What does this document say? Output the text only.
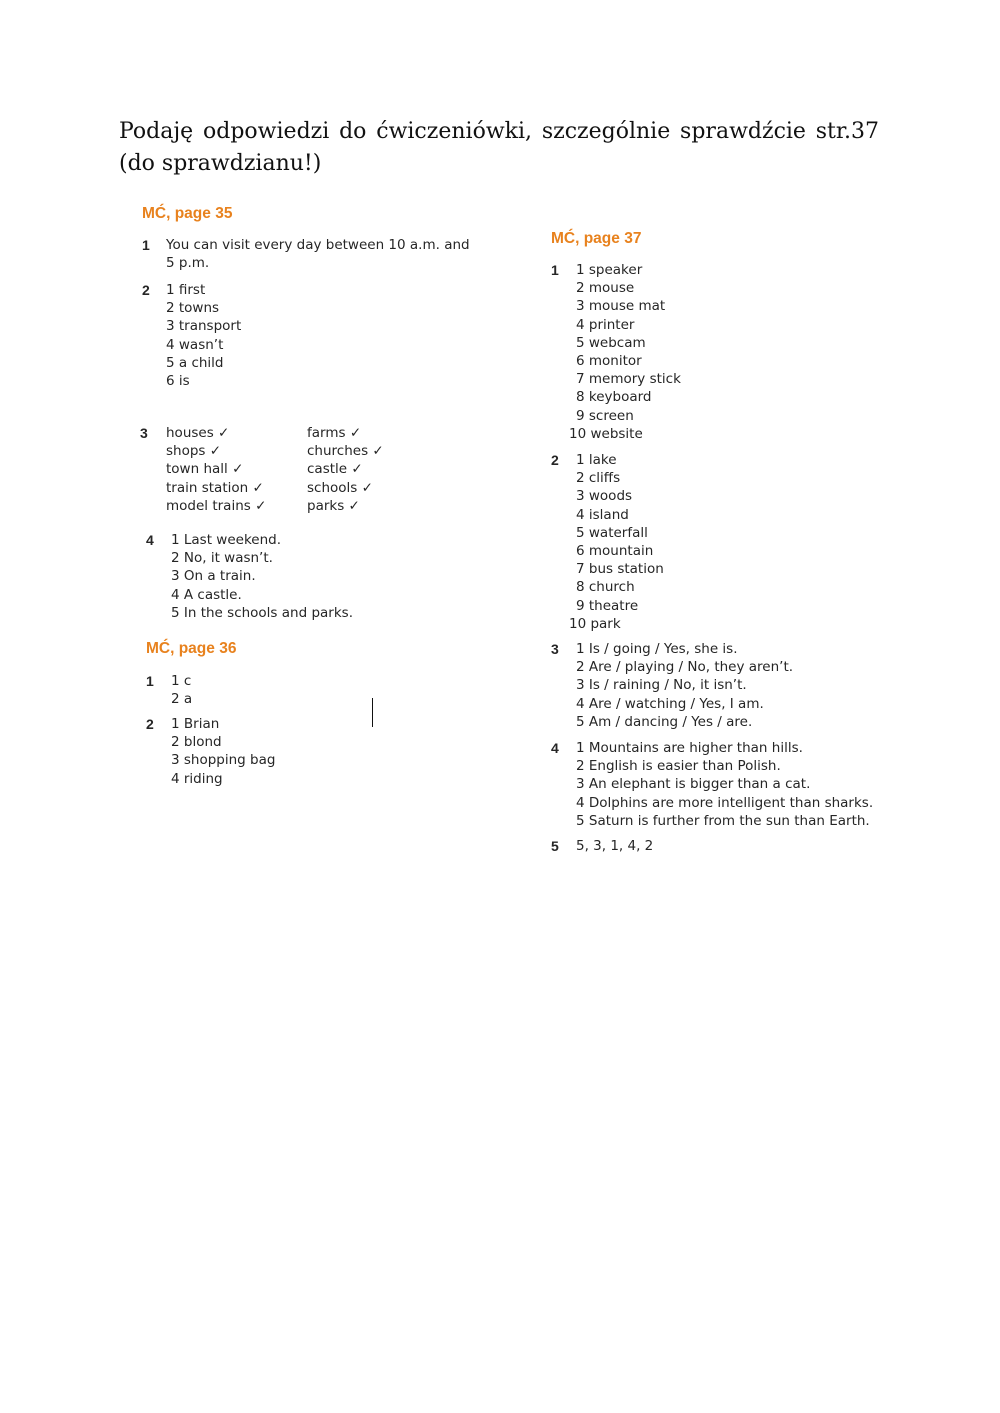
Podaję odpowiedzi do ćwiczeniówki, szczególnie sprawdźcie str.37 (do sprawdzianu!)

MĆ, page 35
1 You can visit every day between 10 a.m. and
5 p.m.
2 1 first
2 towns
3 transport
4 wasn’t
5 a child
6 is
3 houses ✓
shops ✓
town hall ✓
train station ✓
model trains ✓
farms ✓
churches ✓
castle ✓
schools ✓
parks ✓
4 1 Last weekend.
2 No, it wasn’t.
3 On a train.
4 A castle.
5 In the schools and parks.
MĆ, page 36
1 1 c
2 a
2 1 Brian
2 blond
3 shopping bag
4 riding
MĆ, page 37
1	1 speaker
2 mouse
3 mouse mat
4 printer
5 webcam
6 monitor
7 memory stick
8 keyboard
9 screen
10 website
2	1 lake
2 cliffs
3 woods
4 island
5 waterfall
6 mountain
7 bus station
8 church
9 theatre
10 park
3 1 Is / going / Yes, she is.
2 Are / playing / No, they aren’t.
3 Is / raining / No, it isn’t.
4 Are / watching / Yes, I am.
5 Am / dancing / Yes / are.
4 1 Mountains are higher than hills.
2 English is easier than Polish.
3 An elephant is bigger than a cat.
4 Dolphins are more intelligent than sharks.
5 Saturn is further from the sun than Earth.
5 5, 3, 1, 4, 2
